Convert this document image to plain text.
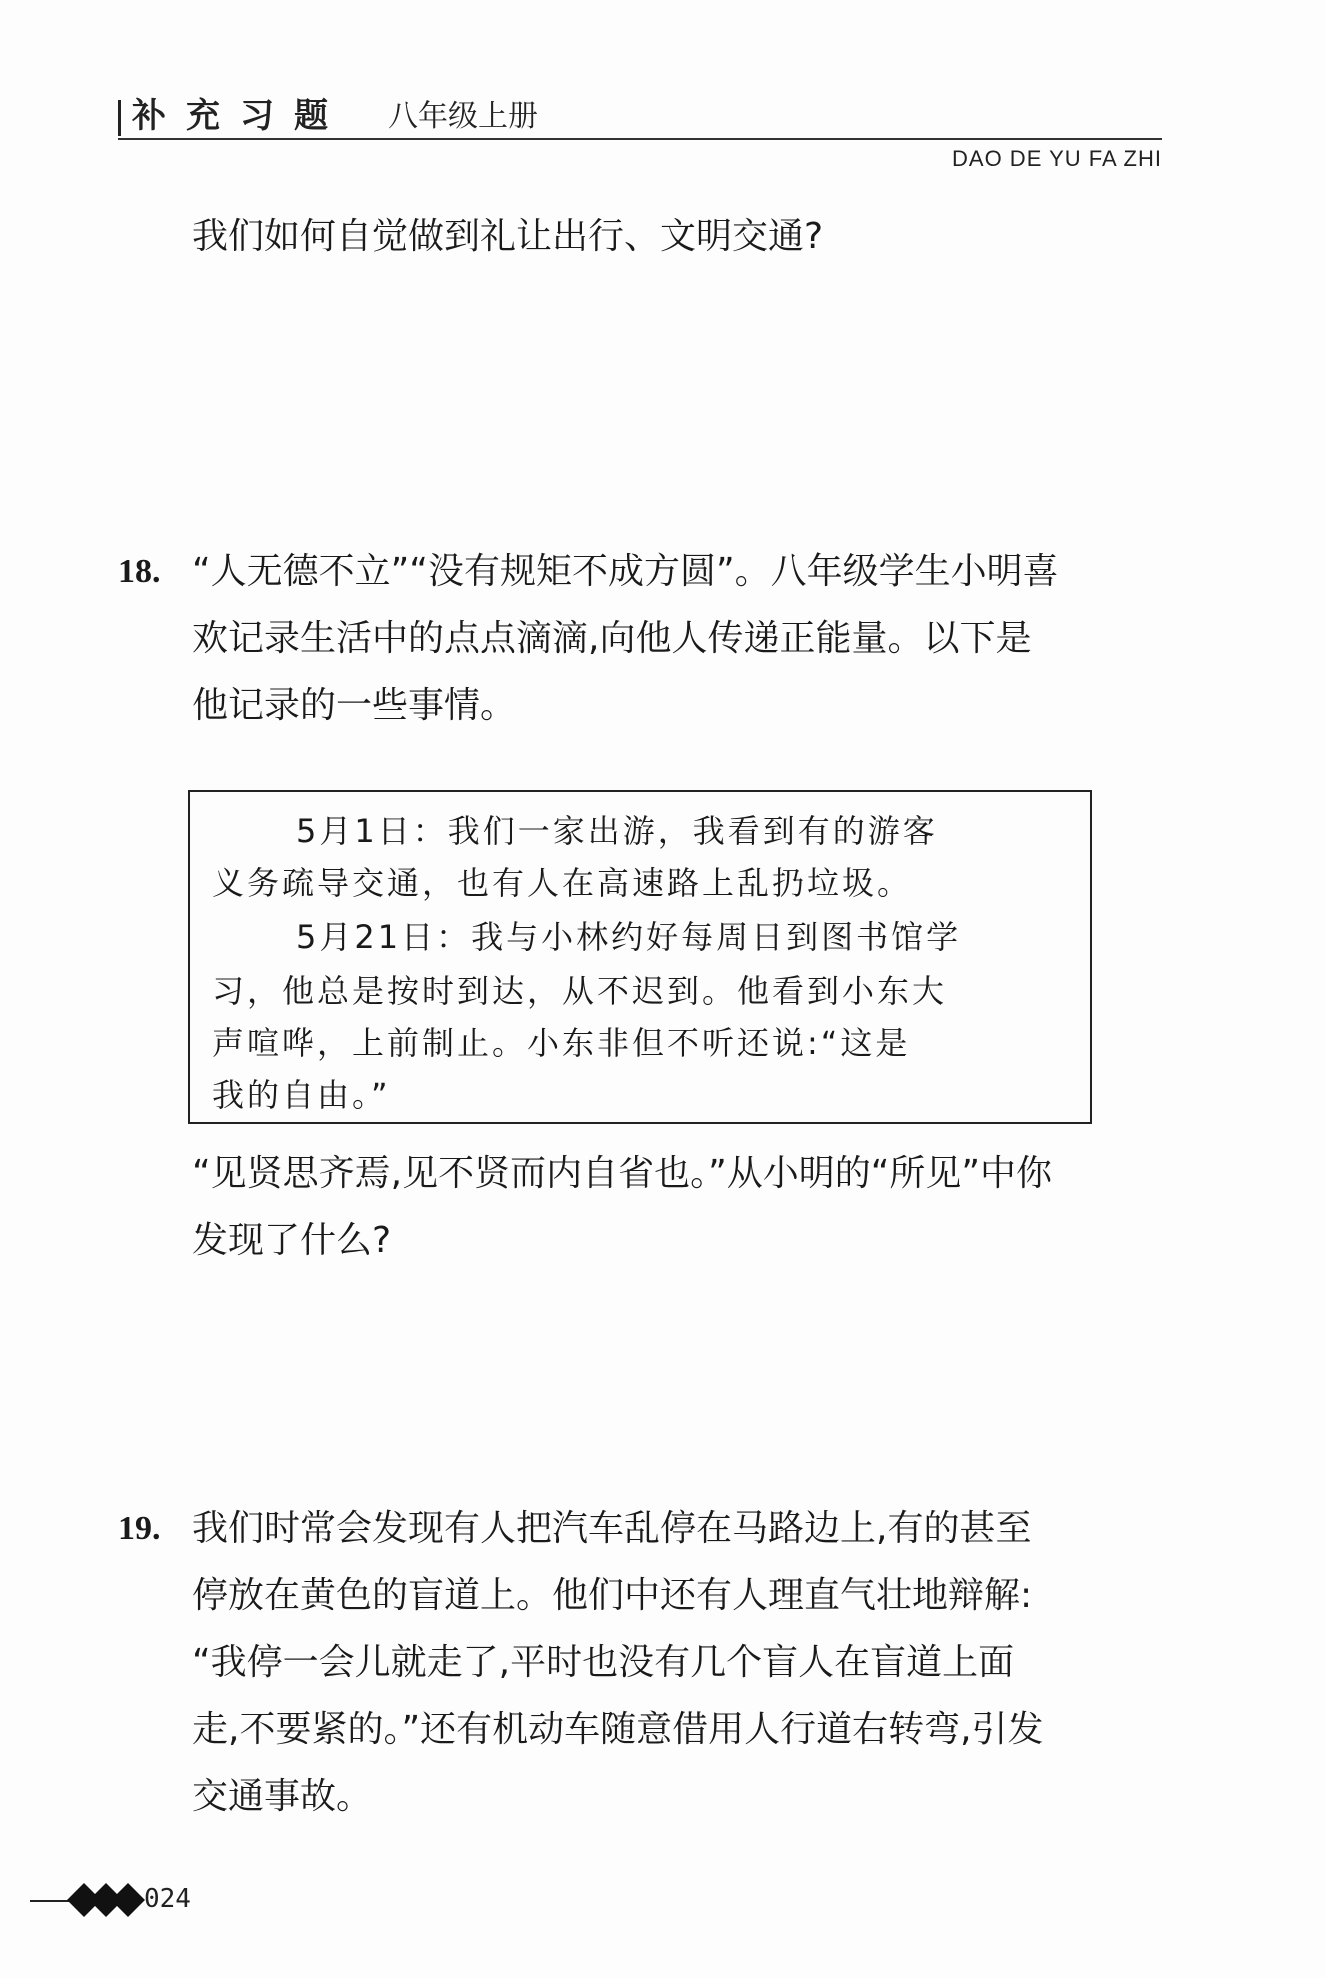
补充习题 八年级上册
DAO DE YU FA ZHI
我们如何自觉做到礼让出行、文明交通?
18. “人无德不立”“没有规矩不成方圆”。八年级学生小明喜
欢记录生活中的点点滴滴,向他人传递正能量。以下是
他记录的一些事情。
5月1日：我们一家出游，我看到有的游客
义务疏导交通，也有人在高速路上乱扔垃圾。
5月21日：我与小林约好每周日到图书馆学
习，他总是按时到达，从不迟到。他看到小东大
声喧哗，上前制止。小东非但不听还说:“这是
我的自由。”
“见贤思齐焉,见不贤而内自省也。”从小明的“所见”中你
发现了什么?
19. 我们时常会发现有人把汽车乱停在马路边上,有的甚至
停放在黄色的盲道上。他们中还有人理直气壮地辩解:
“我停一会儿就走了,平时也没有几个盲人在盲道上面
走,不要紧的。”还有机动车随意借用人行道右转弯,引发
交通事故。
024
